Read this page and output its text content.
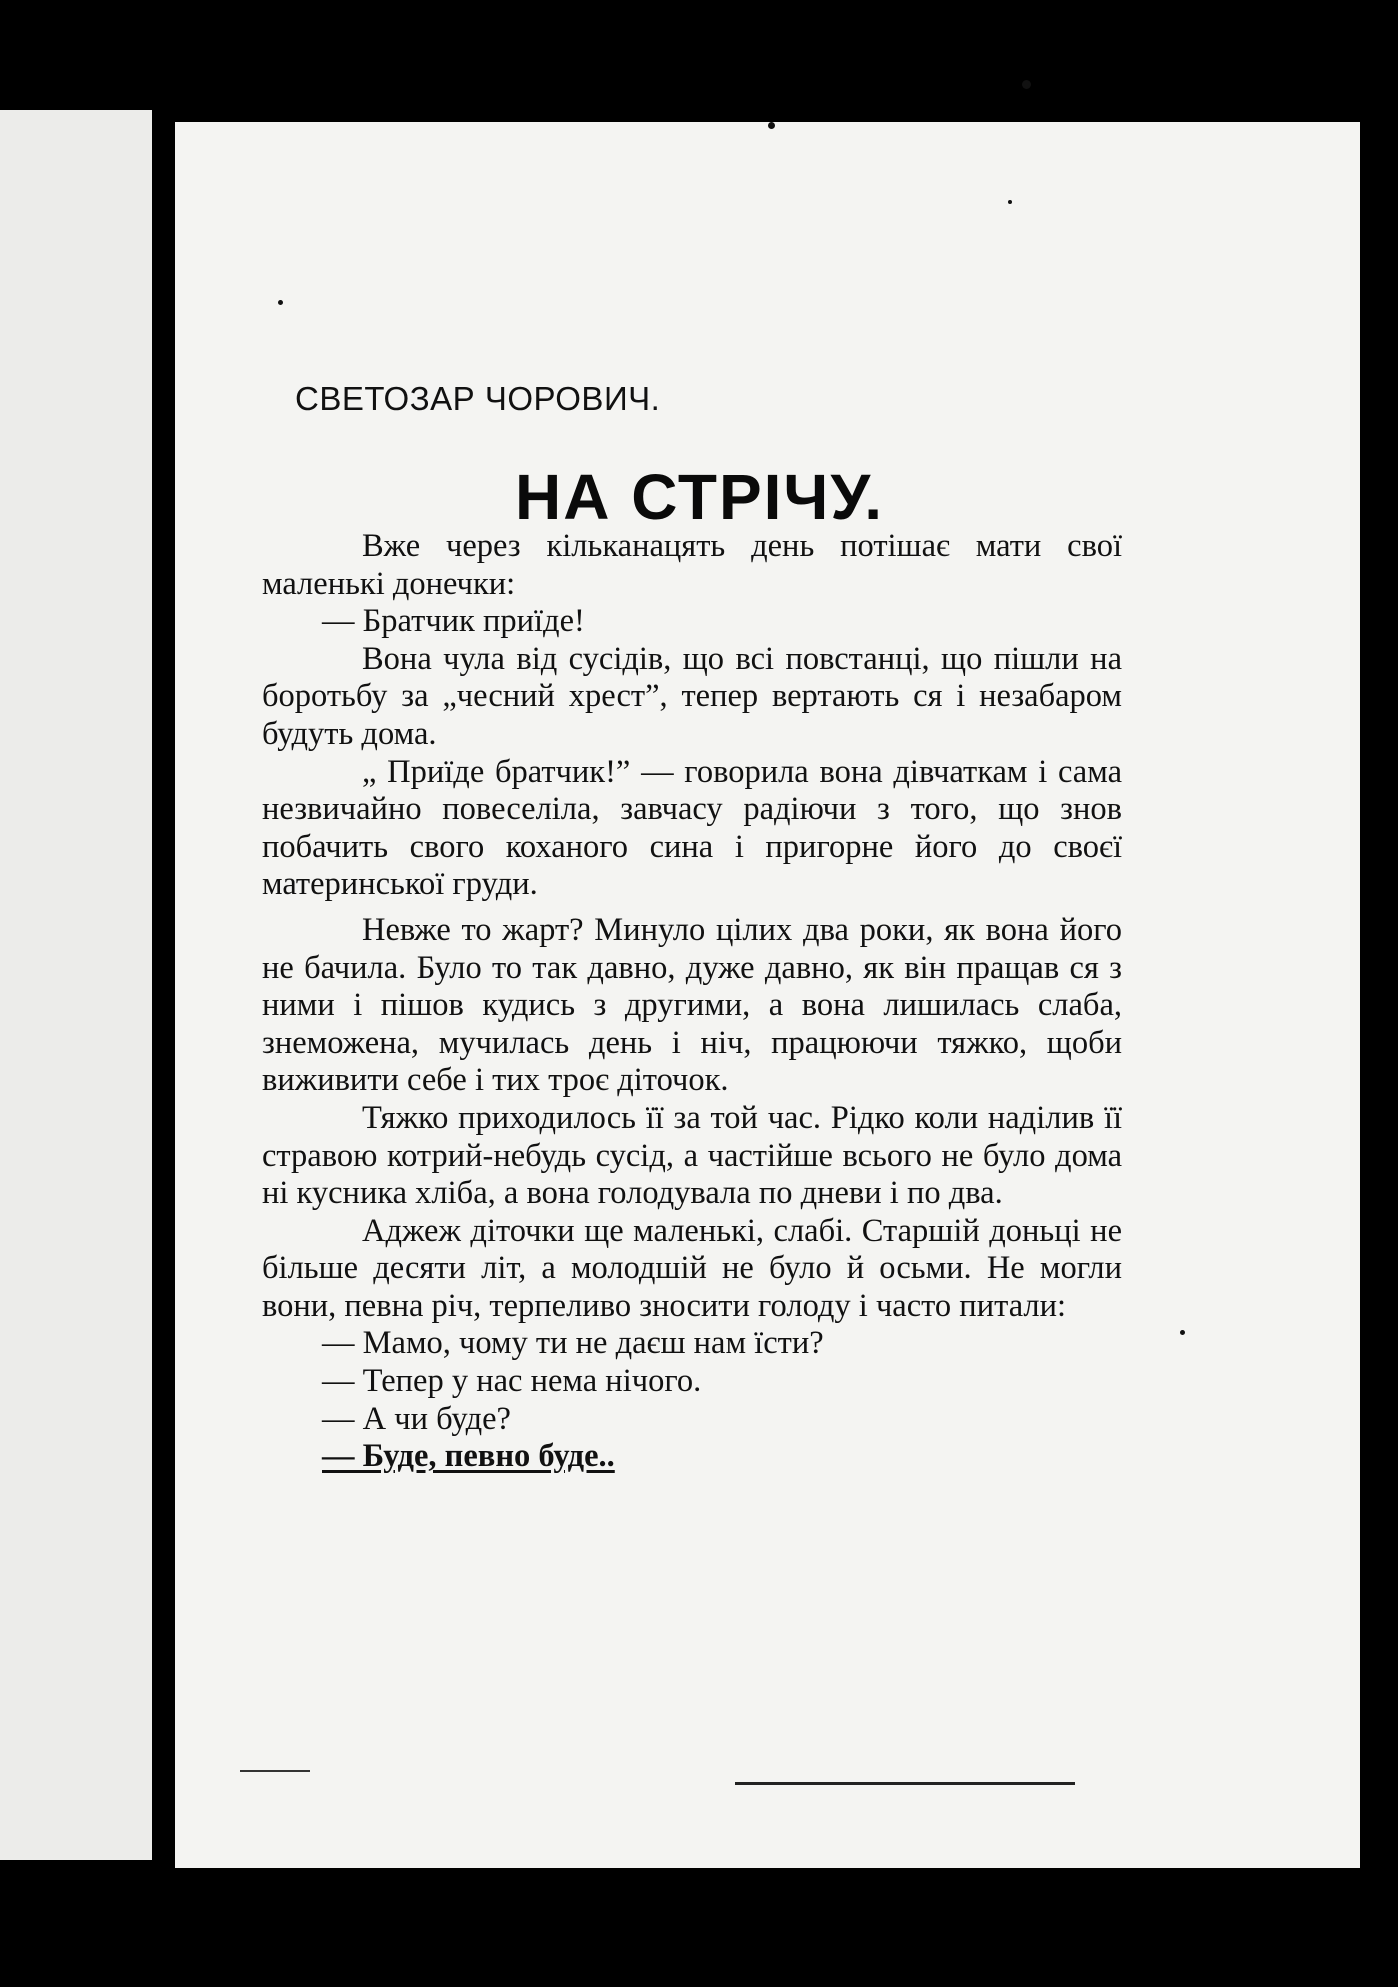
СВЕТОЗАР ЧОРОВИЧ.
НА СТРІЧУ.

Вже через кільканацять день потішає мати свої маленькі донечки:

— Братчик приїде!

Вона чула від сусідів, що всі повстанці, що пішли на боротьбу за „чесний хрест”, тепер вертають ся і незабаром будуть дома.

„ Приїде братчик!” — говорила вона дівчаткам і сама незвичайно повеселіла, завчасу радіючи з того, що знов побачить свого коханого сина і пригорне його до своєї материнської груди.

Невже то жарт? Минуло цілих два роки, як вона його не бачила. Було то так давно, дуже давно, як він пращав ся з ними і пішов кудись з другими, а вона лишилась слаба, знеможена, мучилась день і ніч, працюючи тяжко, щоби виживити себе і тих троє діточок.

Тяжко приходилось її за той час. Рідко коли наділив її стравою котрий-небудь сусід, а частійше всього не було дома ні кусника хліба, а вона голодувала по дневи і по два.

Аджеж діточки ще маленькі, слабі. Старшій доньці не більше десяти літ, а молодшій не було й осьми. Не могли вони, певна річ, терпеливо зносити голоду і часто питали:

— Мамо, чому ти не даєш нам їсти?

— Тепер у нас нема нічого.

— А чи буде?

— Буде, певно буде..
